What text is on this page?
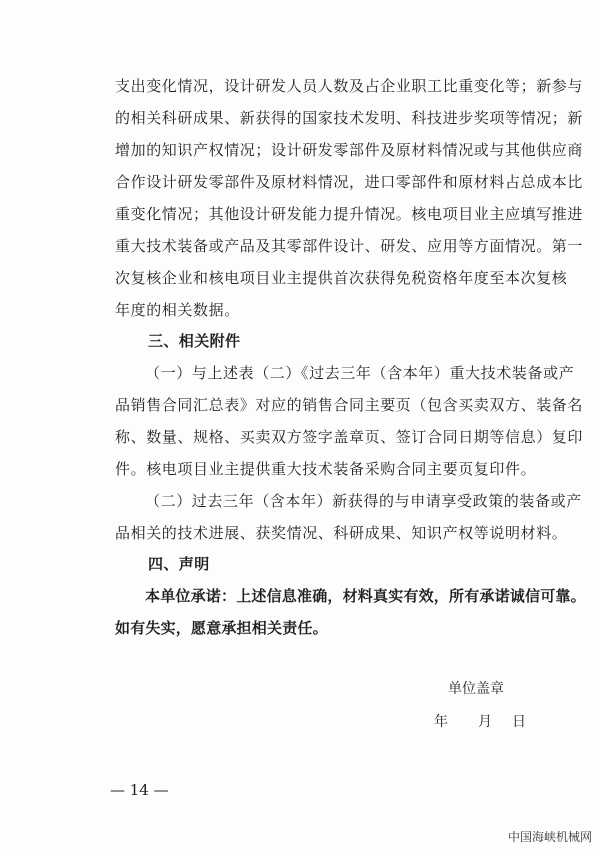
支出变化情况，设计研发人员人数及占企业职工比重变化等；新参与
的相关科研成果、新获得的国家技术发明、科技进步奖项等情况；新
增加的知识产权情况；设计研发零部件及原材料情况或与其他供应商
合作设计研发零部件及原材料情况，进口零部件和原材料占总成本比
重变化情况；其他设计研发能力提升情况。核电项目业主应填写推进
重大技术装备或产品及其零部件设计、研发、应用等方面情况。第一
次复核企业和核电项目业主提供首次获得免税资格年度至本次复核
年度的相关数据。
三、相关附件
（一）与上述表（二）《过去三年（含本年）重大技术装备或产
品销售合同汇总表》对应的销售合同主要页（包含买卖双方、装备名
称、数量、规格、买卖双方签字盖章页、签订合同日期等信息）复印
件。核电项目业主提供重大技术装备采购合同主要页复印件。
（二）过去三年（含本年）新获得的与申请享受政策的装备或产
品相关的技术进展、获奖情况、科研成果、知识产权等说明材料。
四、声明
本单位承诺：上述信息准确，材料真实有效，所有承诺诚信可靠。
如有失实，愿意承担相关责任。
单位盖章
年 月 日
— 14 —
中国海峡机械网
